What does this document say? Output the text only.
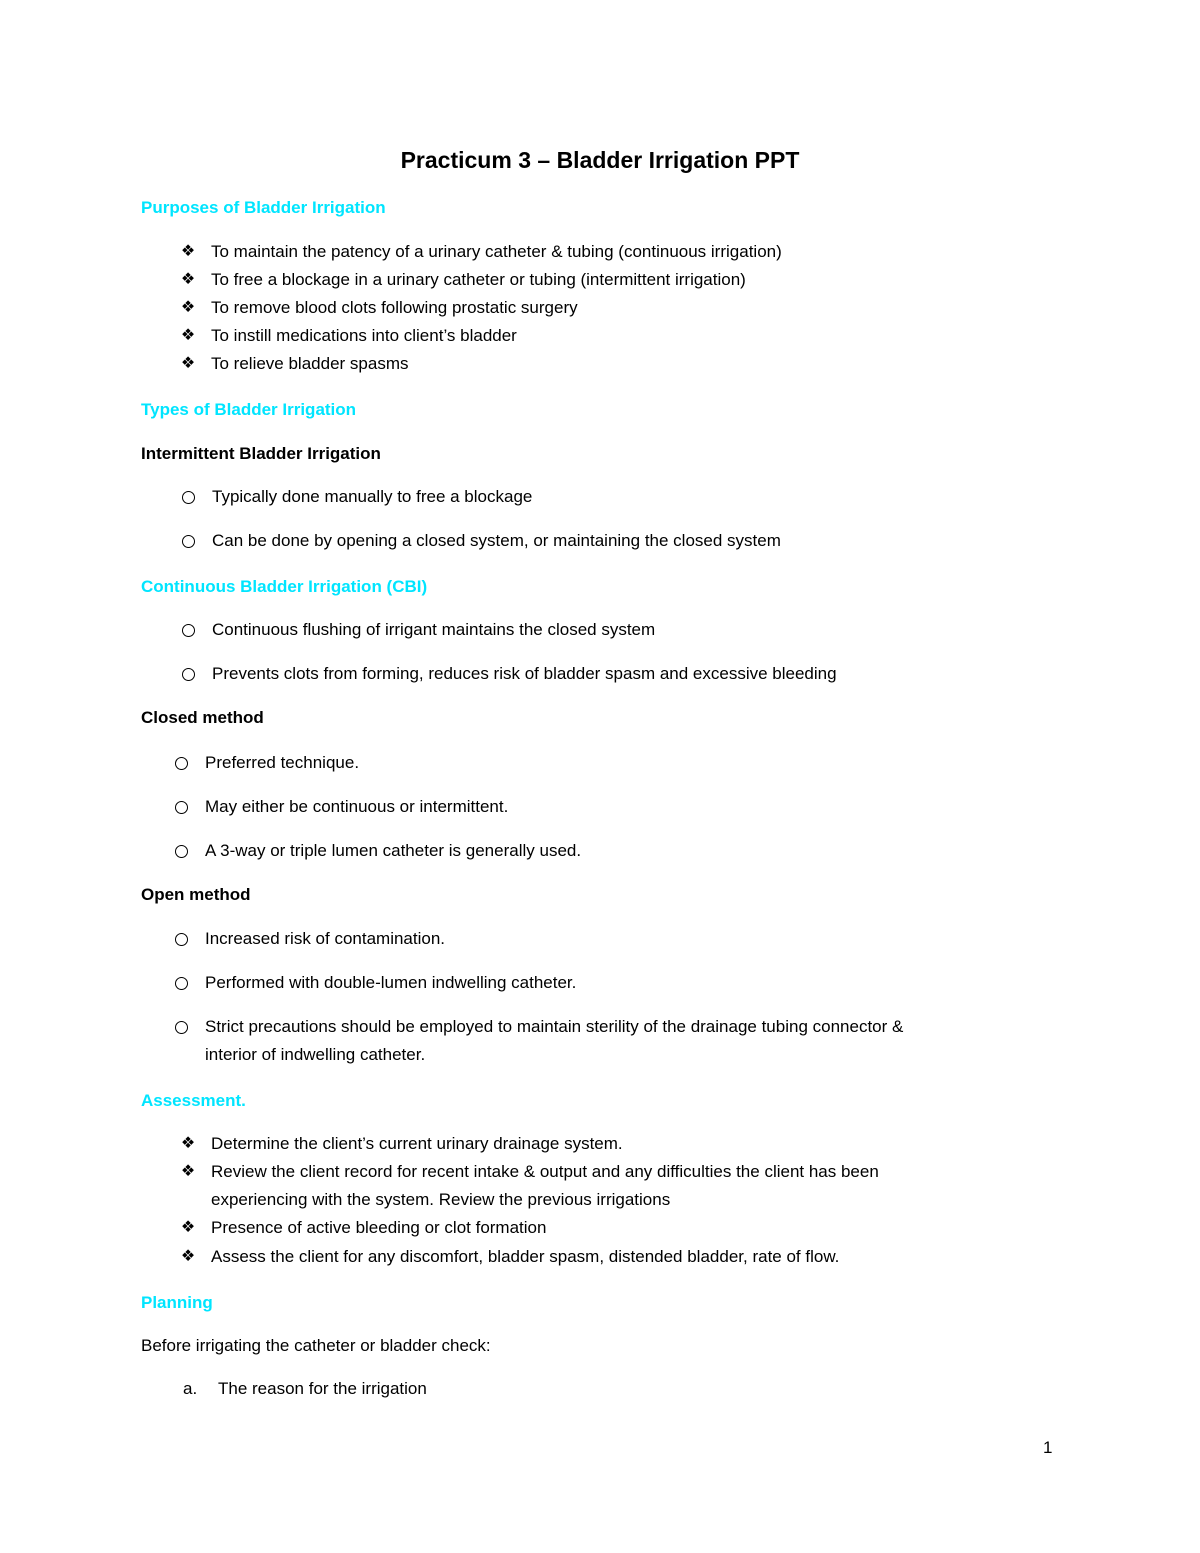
Practicum 3 – Bladder Irrigation PPT
Purposes of Bladder Irrigation
❖ To maintain the patency of a urinary catheter & tubing (continuous irrigation)
❖ To free a blockage in a urinary catheter or tubing (intermittent irrigation)
❖ To remove blood clots following prostatic surgery
❖ To instill medications into client’s bladder
❖ To relieve bladder spasms
Types of Bladder Irrigation
Intermittent Bladder Irrigation
Typically done manually to free a blockage
Can be done by opening a closed system, or maintaining the closed system
Continuous Bladder Irrigation (CBI)
Continuous flushing of irrigant maintains the closed system
Prevents clots from forming, reduces risk of bladder spasm and excessive bleeding
Closed method
Preferred technique.
May either be continuous or intermittent.
A 3-way or triple lumen catheter is generally used.
Open method
Increased risk of contamination.
Performed with double-lumen indwelling catheter.
Strict precautions should be employed to maintain sterility of the drainage tubing connector &
interior of indwelling catheter.
Assessment.
❖ Determine the client’s current urinary drainage system.
❖ Review the client record for recent intake & output and any difficulties the client has been
experiencing with the system. Review the previous irrigations
❖ Presence of active bleeding or clot formation
❖ Assess the client for any discomfort, bladder spasm, distended bladder, rate of flow.
Planning

Before irrigating the catheter or bladder check:

a.	The reason for the irrigation

1
